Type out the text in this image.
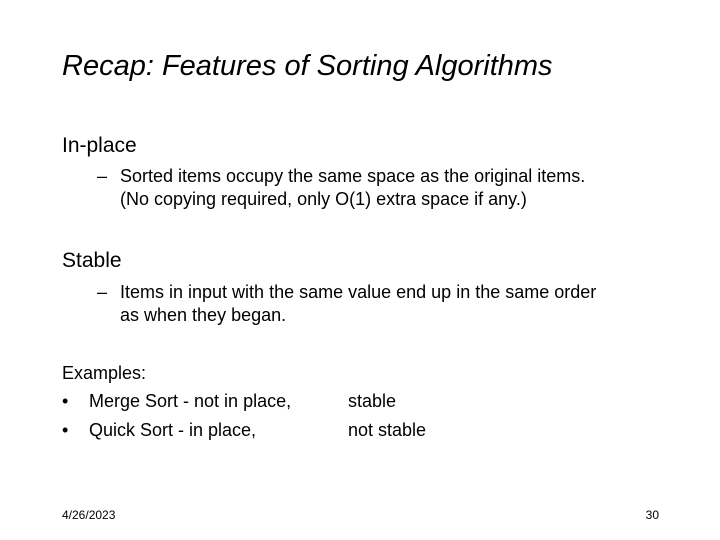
Recap: Features of Sorting Algorithms
In-place
– Sorted items occupy the same space as the original items.
(No copying required, only O(1) extra space if any.)
Stable
– Items in input with the same value end up in the same order
as when they began.
Examples:
• Merge Sort - not in place,	stable
• Quick Sort - in place,	not stable
4/26/2023	30
